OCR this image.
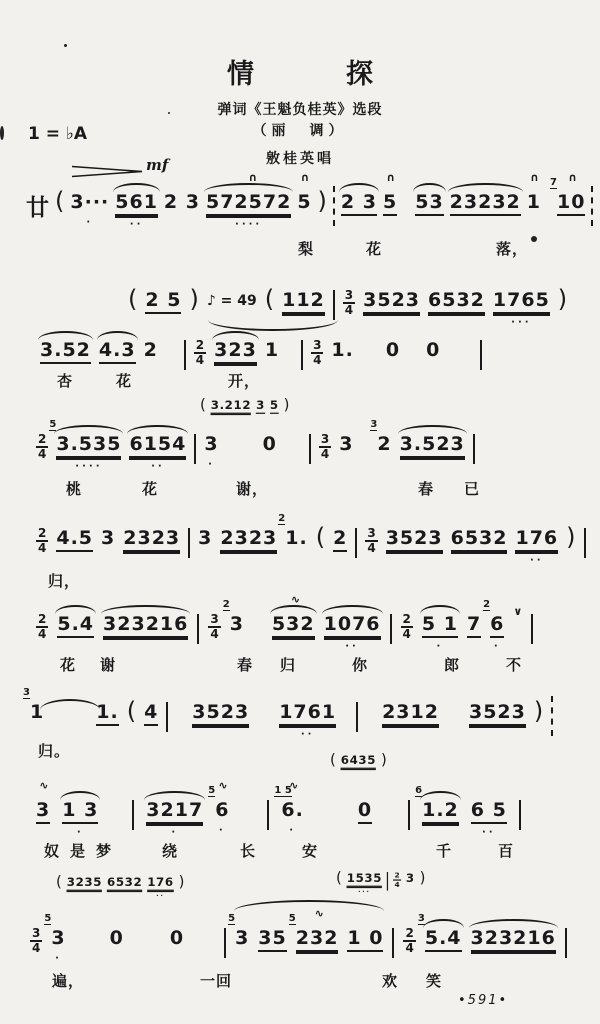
情	探
弹词《王魁负桂英》选段
（丽　调）
敫桂英唱
1 = ♭A
mf
•591•
廿 ( 3···
·
561
··
2 3
∩
572572
····
∩
5 ) 2 3
∩
5 53 23232
∩
1
7 ∩
10
梨	花	落，
( 2 5 ) ♪ = 49 ( $112 \frac{3}{4} 3523$ 6532 1765
···
)
3.52 4.3 2	$\frac{2}{4} 323$ 1	$\frac{3}{4} 1$. 0 0
杏	花	开，
$\frac{2}{4}$
5
3.535
····
6154
··
3
·
0	$\frac{3}{4} 3$
3
2 3.523
桃	花	谢，	春 已
( 3.212 3 5 )
$\frac{2}{4} 4.5$ 3 2323 3 2323
2
1. ( $2 \frac{3}{4} 3523$ 6532 176
··
)
归，
$\frac{2}{4} 5.4$ $323216 \frac{3}{4}$
2
3
∿
532 1076
··
$\frac{2}{4} 5$ 1
·
7
2
6
·
∨
花 谢	春 归	你	郎	不
3
1	1. ( 4 3523 1761
··
2312 3523 )
归。	( 6435 )
∿
3 1 3
·
3217
·
5 ∿
6
·
1 5
∿
6.
·
0
6
1.2 6 5
··
奴 是 梦	绕	长	安	千	百
$\frac{3}{4}$
5
3
·
0 0
5
3 35
5 ∿
232 1 $0 \frac{2}{4}$
3
5.4 323216
遍，	一回	欢 笑
( 3235 6532 176
··
)	( 1535
···
$\frac{2}{4} 3$ )
